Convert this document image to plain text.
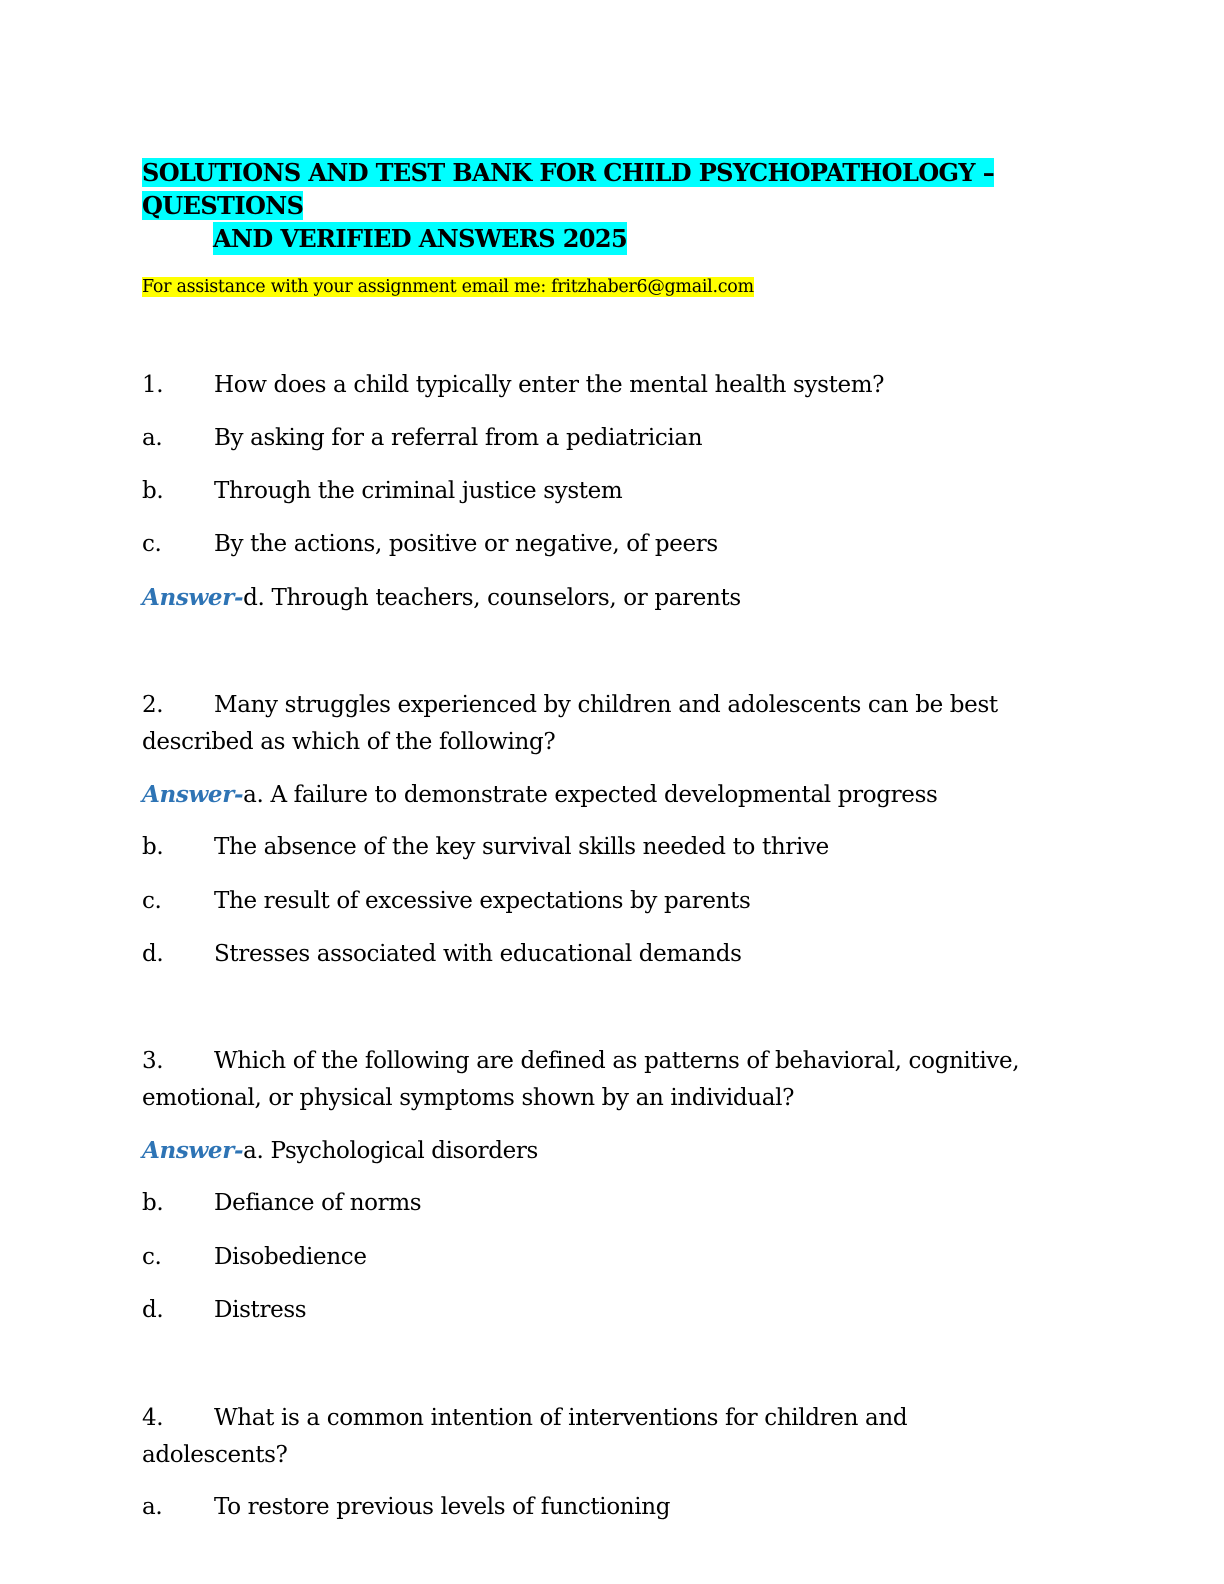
SOLUTIONS AND TEST BANK FOR CHILD PSYCHOPATHOLOGY – QUESTIONS
AND VERIFIED ANSWERS 2025
For assistance with your assignment email me: fritzhaber6@gmail.com
1. How does a child typically enter the mental health system?
a. By asking for a referral from a pediatrician
b. Through the criminal justice system
c. By the actions, positive or negative, of peers
Answer-d. Through teachers, counselors, or parents
2. Many struggles experienced by children and adolescents can be best
described as which of the following?
Answer-a. A failure to demonstrate expected developmental progress
b. The absence of the key survival skills needed to thrive
c. The result of excessive expectations by parents
d. Stresses associated with educational demands
3. Which of the following are defined as patterns of behavioral, cognitive,
emotional, or physical symptoms shown by an individual?
Answer-a. Psychological disorders
b. Defiance of norms
c. Disobedience
d. Distress
4. What is a common intention of interventions for children and
adolescents?
a. To restore previous levels of functioning
